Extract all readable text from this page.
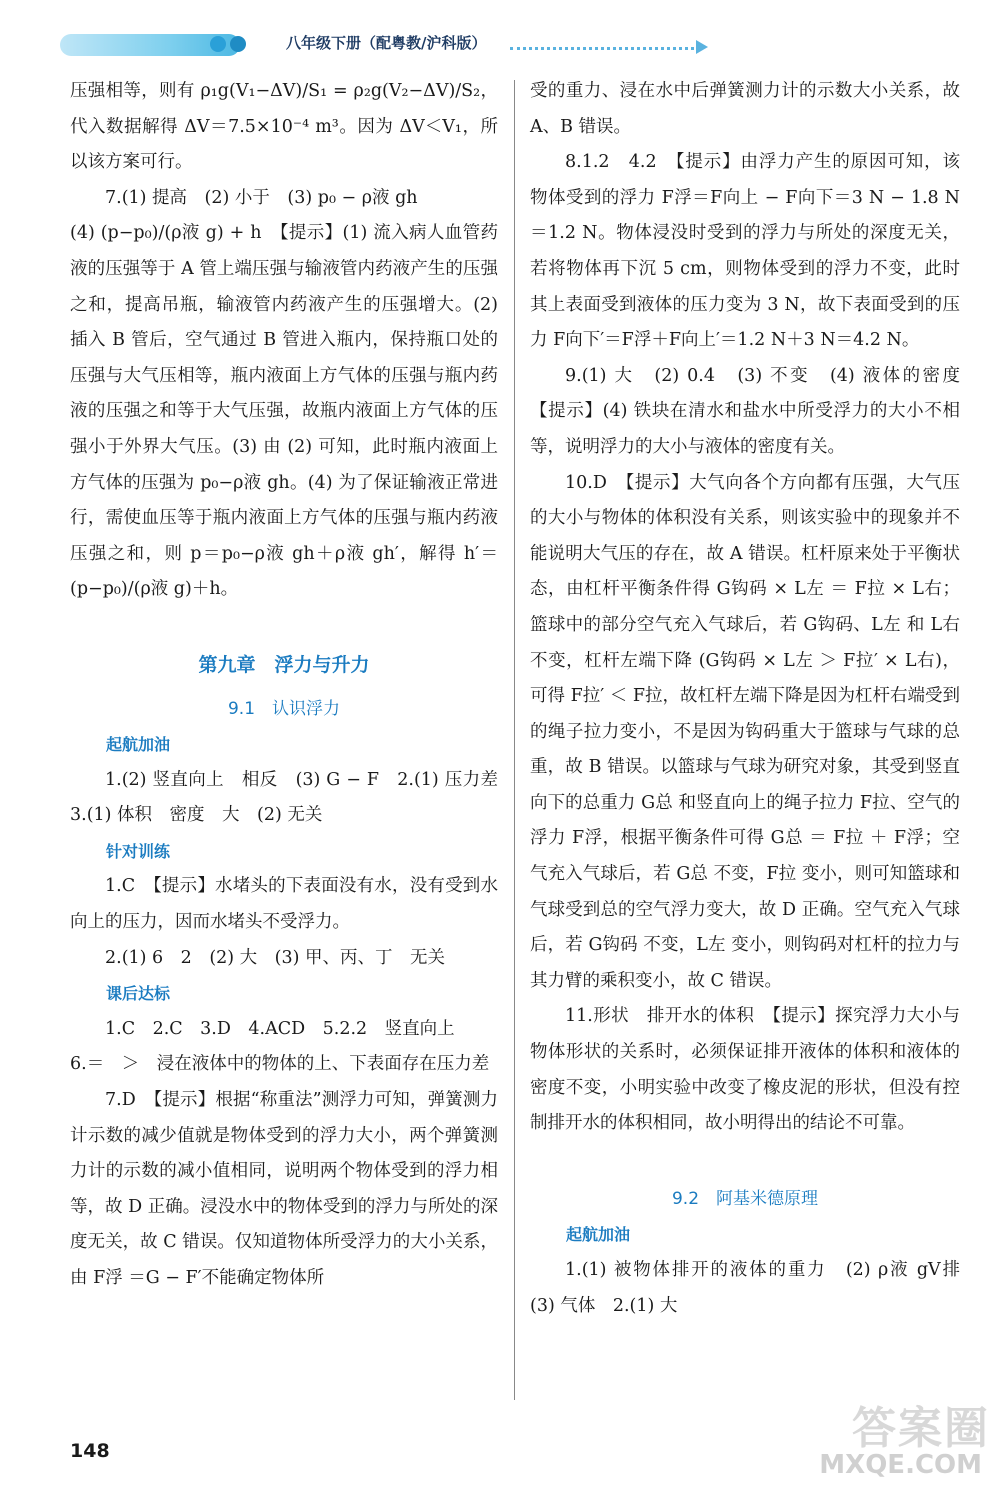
八年级下册（配粤教/沪科版）

压强相等，则有 ρ₁g(V₁−ΔV)/S₁ = ρ₂g(V₂−ΔV)/S₂，代入数据解得 ΔV＝7.5×10⁻⁴ m³。因为 ΔV＜V₁，所以该方案可行。

7.(1) 提高　(2) 小于　(3) p₀ − ρ液 gh

(4) (p−p₀)/(ρ液 g) + h　【提示】(1) 流入病人血管药液的压强等于 A 管上端压强与输液管内药液产生的压强之和，提高吊瓶，输液管内药液产生的压强增大。(2) 插入 B 管后，空气通过 B 管进入瓶内，保持瓶口处的压强与大气压相等，瓶内液面上方气体的压强与瓶内药液的压强之和等于大气压强，故瓶内液面上方气体的压强小于外界大气压。(3) 由 (2) 可知，此时瓶内液面上方气体的压强为 p₀−ρ液 gh。(4) 为了保证输液正常进行，需使血压等于瓶内液面上方气体的压强与瓶内药液压强之和，则 p＝p₀−ρ液 gh＋ρ液 gh′，解得 h′＝(p−p₀)/(ρ液 g)＋h。

第九章　浮力与升力

9.1　认识浮力

起航加油

1.(2) 竖直向上　相反　(3) G − F　2.(1) 压力差　3.(1) 体积　密度　大　(2) 无关

针对训练

1.C　【提示】水堵头的下表面没有水，没有受到水向上的压力，因而水堵头不受浮力。

2.(1) 6　2　(2) 大　(3) 甲、丙、丁　无关

课后达标

1.C　2.C　3.D　4.ACD　5.2.2　竖直向上

6.＝　＞　浸在液体中的物体的上、下表面存在压力差

7.D　【提示】根据“称重法”测浮力可知，弹簧测力计示数的减少值就是物体受到的浮力大小，两个弹簧测力计的示数的减小值相同，说明两个物体受到的浮力相等，故 D 正确。浸没水中的物体受到的浮力与所处的深度无关，故 C 错误。仅知道物体所受浮力的大小关系，由 F浮 ＝G − F′不能确定物体所

受的重力、浸在水中后弹簧测力计的示数大小关系，故 A、B 错误。

8.1.2　4.2　【提示】由浮力产生的原因可知，该物体受到的浮力 F浮＝F向上 − F向下＝3 N − 1.8 N＝1.2 N。物体浸没时受到的浮力与所处的深度无关，若将物体再下沉 5 cm，则物体受到的浮力不变，此时其上表面受到液体的压力变为 3 N，故下表面受到的压力 F向下′＝F浮＋F向上′＝1.2 N＋3 N＝4.2 N。

9.(1) 大　(2) 0.4　(3) 不变　(4) 液体的密度　【提示】(4) 铁块在清水和盐水中所受浮力的大小不相等，说明浮力的大小与液体的密度有关。

10.D　【提示】大气向各个方向都有压强，大气压的大小与物体的体积没有关系，则该实验中的现象并不能说明大气压的存在，故 A 错误。杠杆原来处于平衡状态，由杠杆平衡条件得 G钩码 × L左 ＝ F拉 × L右；篮球中的部分空气充入气球后，若 G钩码、L左 和 L右 不变，杠杆左端下降 (G钩码 × L左 ＞ F拉′ × L右)，可得 F拉′ ＜ F拉，故杠杆左端下降是因为杠杆右端受到的绳子拉力变小，不是因为钩码重大于篮球与气球的总重，故 B 错误。以篮球与气球为研究对象，其受到竖直向下的总重力 G总 和竖直向上的绳子拉力 F拉、空气的浮力 F浮，根据平衡条件可得 G总 ＝ F拉 ＋ F浮；空气充入气球后，若 G总 不变，F拉 变小，则可知篮球和气球受到总的空气浮力变大，故 D 正确。空气充入气球后，若 G钩码 不变，L左 变小，则钩码对杠杆的拉力与其力臂的乘积变小，故 C 错误。

11.形状　排开水的体积　【提示】探究浮力大小与物体形状的关系时，必须保证排开液体的体积和液体的密度不变，小明实验中改变了橡皮泥的形状，但没有控制排开水的体积相同，故小明得出的结论不可靠。

9.2　阿基米德原理

起航加油

1.(1) 被物体排开的液体的重力　(2) ρ液 gV排　(3) 气体　2.(1) 大

148	答案圈
MXQE.COM
